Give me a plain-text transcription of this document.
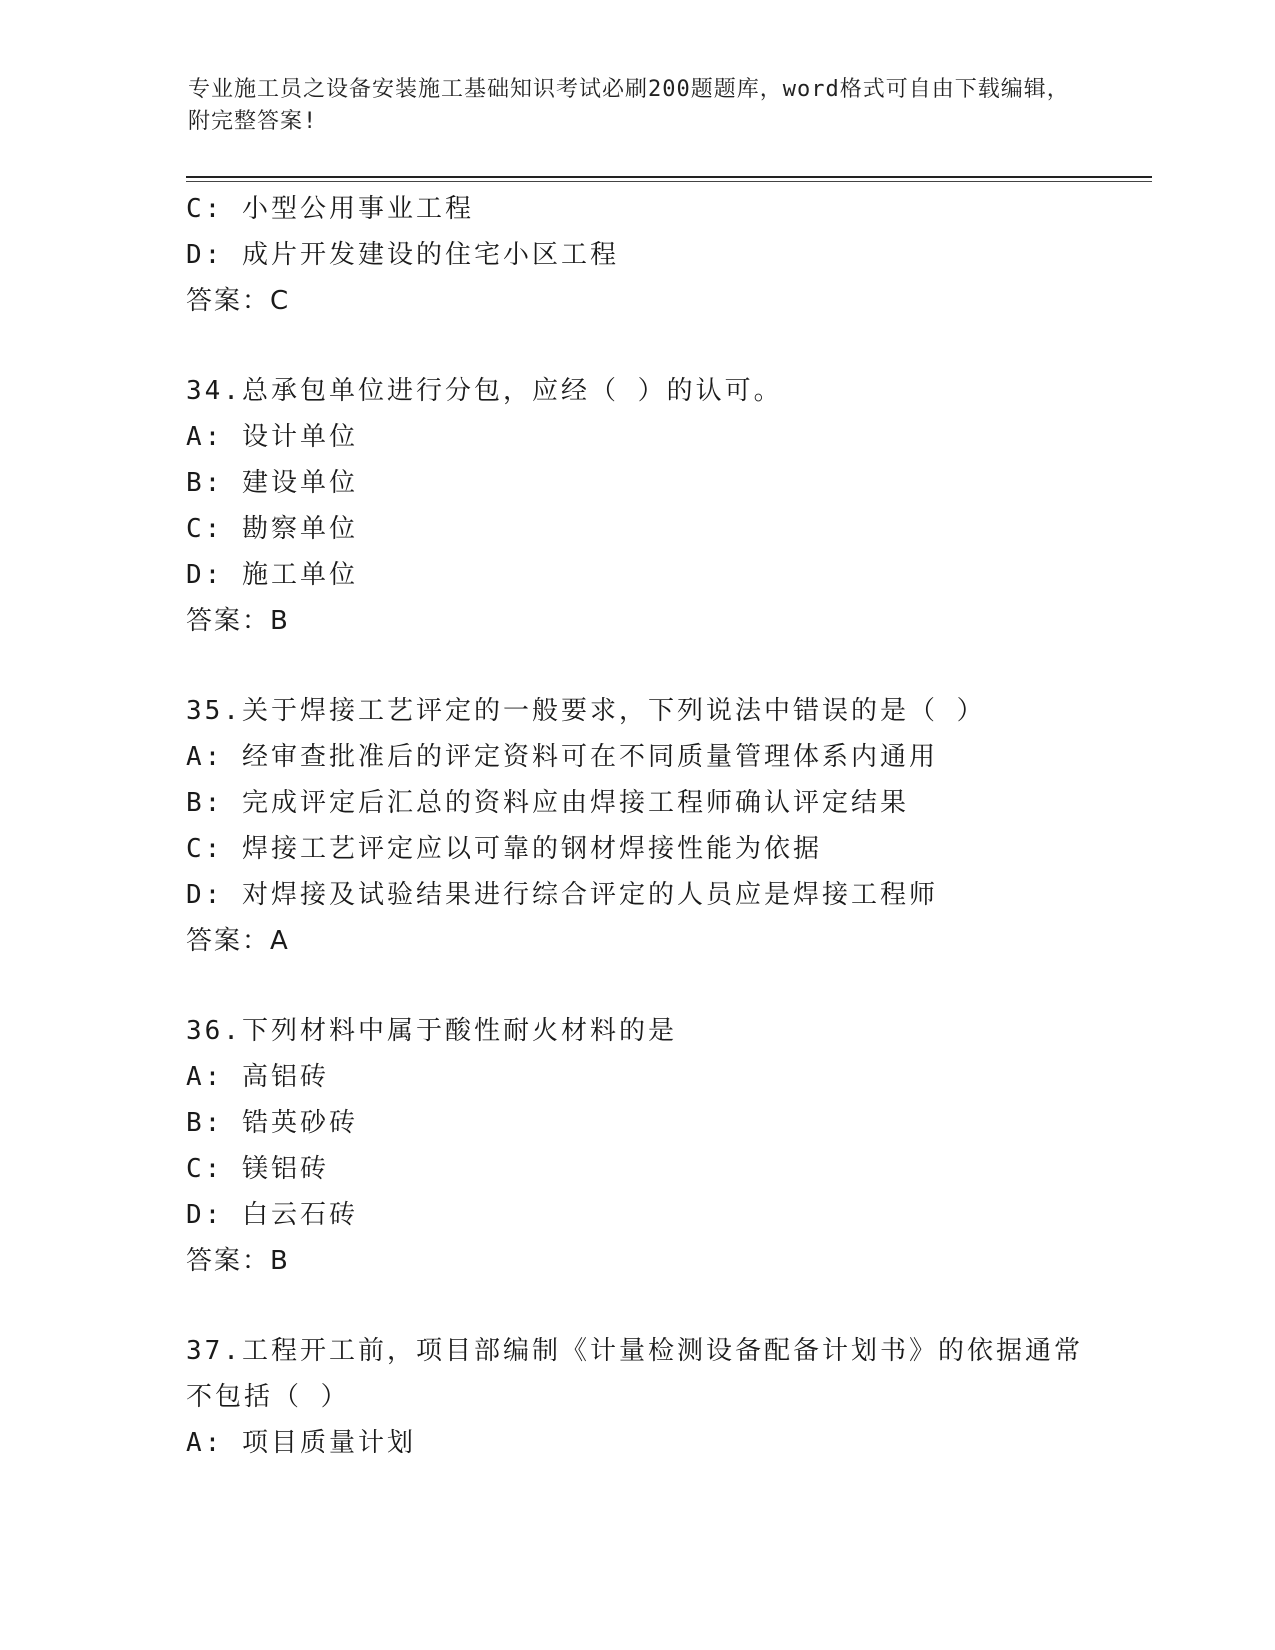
专业施工员之设备安装施工基础知识考试必刷200题题库，word格式可自由下载编辑，附完整答案!
C: 小型公用事业工程
D: 成片开发建设的住宅小区工程
答案：C
34.总承包单位进行分包，应经（ ）的认可。
A: 设计单位
B: 建设单位
C: 勘察单位
D: 施工单位
答案：B
35.关于焊接工艺评定的一般要求，下列说法中错误的是（ ）
A: 经审查批准后的评定资料可在不同质量管理体系内通用
B: 完成评定后汇总的资料应由焊接工程师确认评定结果
C: 焊接工艺评定应以可靠的钢材焊接性能为依据
D: 对焊接及试验结果进行综合评定的人员应是焊接工程师
答案：A
36.下列材料中属于酸性耐火材料的是
A: 高铝砖
B: 锆英砂砖
C: 镁铝砖
D: 白云石砖
答案：B
37.工程开工前，项目部编制《计量检测设备配备计划书》的依据通常不包括（ ）
A: 项目质量计划
